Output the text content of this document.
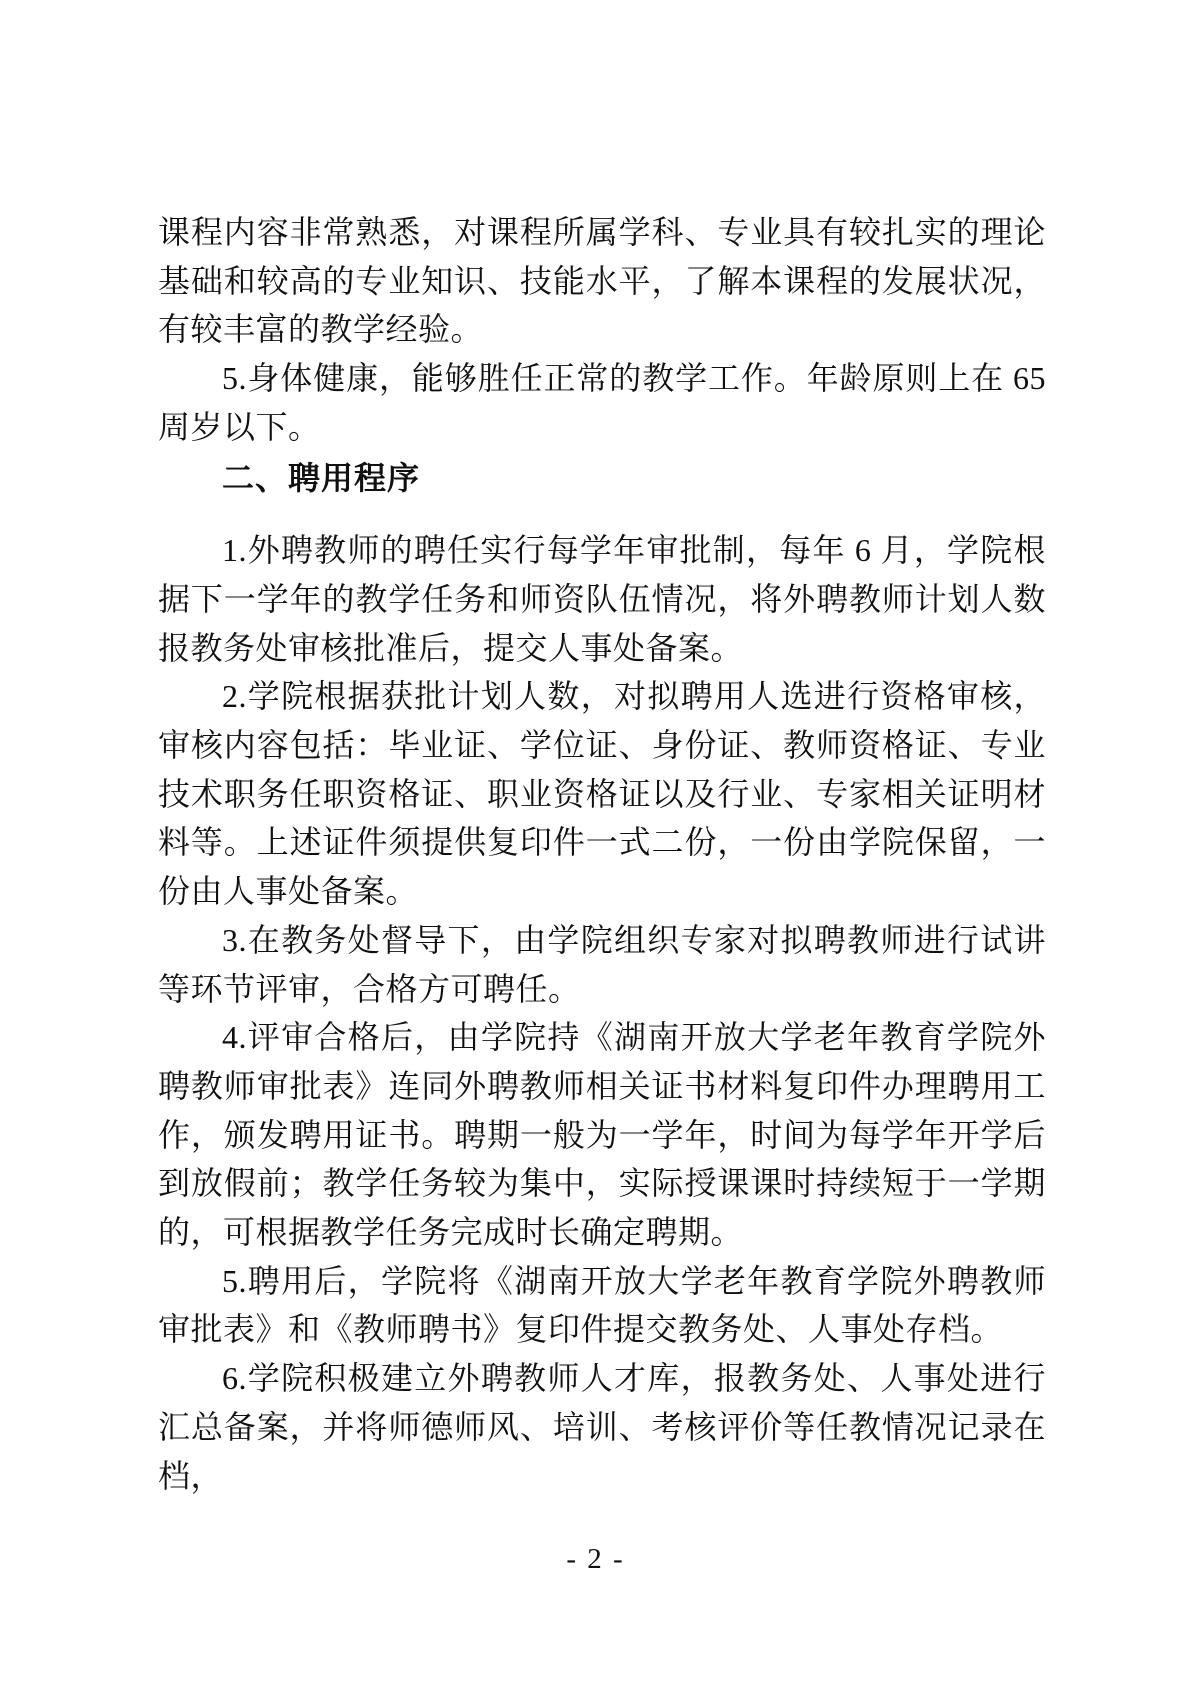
课程内容非常熟悉，对课程所属学科、专业具有较扎实的理论基础和较高的专业知识、技能水平，了解本课程的发展状况，有较丰富的教学经验。

5.身体健康，能够胜任正常的教学工作。年龄原则上在 65 周岁以下。

二、聘用程序

1.外聘教师的聘任实行每学年审批制，每年 6 月，学院根据下一学年的教学任务和师资队伍情况，将外聘教师计划人数报教务处审核批准后，提交人事处备案。

2.学院根据获批计划人数，对拟聘用人选进行资格审核，审核内容包括：毕业证、学位证、身份证、教师资格证、专业技术职务任职资格证、职业资格证以及行业、专家相关证明材料等。上述证件须提供复印件一式二份，一份由学院保留，一份由人事处备案。

3.在教务处督导下，由学院组织专家对拟聘教师进行试讲等环节评审，合格方可聘任。

4.评审合格后，由学院持《湖南开放大学老年教育学院外聘教师审批表》连同外聘教师相关证书材料复印件办理聘用工作，颁发聘用证书。聘期一般为一学年，时间为每学年开学后到放假前；教学任务较为集中，实际授课课时持续短于一学期的，可根据教学任务完成时长确定聘期。

5.聘用后，学院将《湖南开放大学老年教育学院外聘教师审批表》和《教师聘书》复印件提交教务处、人事处存档。

6.学院积极建立外聘教师人才库，报教务处、人事处进行汇总备案，并将师德师风、培训、考核评价等任教情况记录在档，

- 2 -
